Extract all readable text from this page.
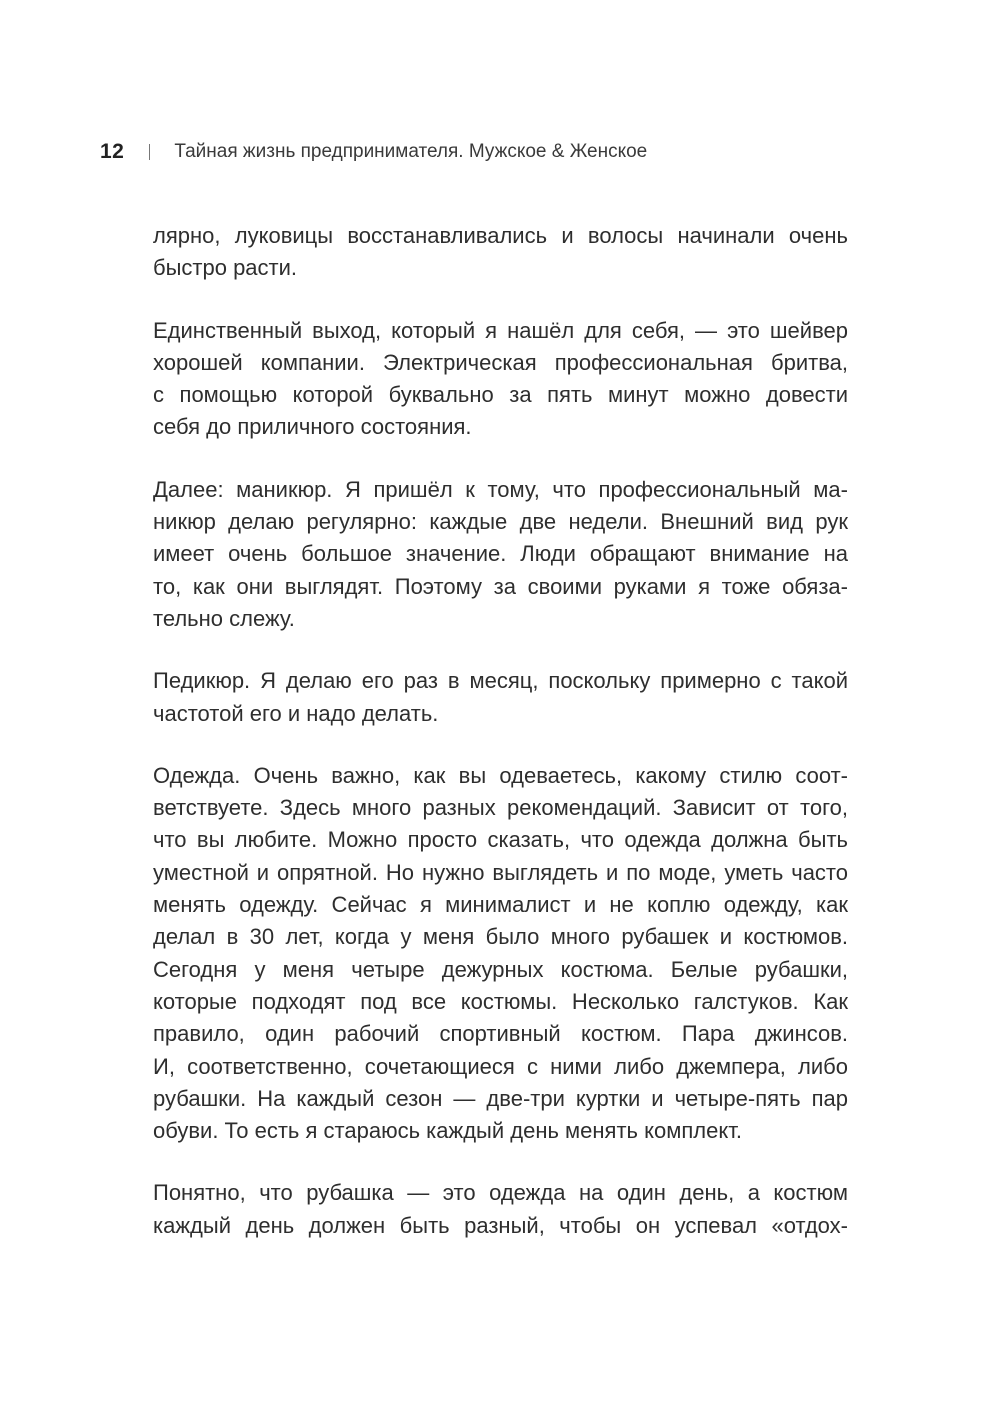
12	Тайная жизнь предпринимателя. Мужское & Женское
лярно, луковицы восстанавливались и волосы начинали очень
быстро расти.
Единственный выход, который я нашёл для себя, — это шейвер
хорошей компании. Электрическая профессиональная бритва,
с помощью которой буквально за пять минут можно довести
себя до приличного состояния.
Далее: маникюр. Я пришёл к тому, что профессиональный ма-
никюр делаю регулярно: каждые две недели. Внешний вид рук
имеет очень большое значение. Люди обращают внимание на
то, как они выглядят. Поэтому за своими руками я тоже обяза-
тельно слежу.
Педикюр. Я делаю его раз в месяц, поскольку примерно с такой
частотой его и надо делать.
Одежда. Очень важно, как вы одеваетесь, какому стилю соот-
ветствуете. Здесь много разных рекомендаций. Зависит от того,
что вы любите. Можно просто сказать, что одежда должна быть
уместной и опрятной. Но нужно выглядеть и по моде, уметь часто
менять одежду. Сейчас я минималист и не коплю одежду, как
делал в 30 лет, когда у меня было много рубашек и костюмов.
Сегодня у меня четыре дежурных костюма. Белые рубашки,
которые подходят под все костюмы. Несколько галстуков. Как
правило, один рабочий спортивный костюм. Пара джинсов.
И, соответственно, сочетающиеся с ними либо джемпера, либо
рубашки. На каждый сезон — две-три куртки и четыре-пять пар
обуви. То есть я стараюсь каждый день менять комплект.
Понятно, что рубашка — это одежда на один день, а костюм
каждый день должен быть разный, чтобы он успевал «отдох-
